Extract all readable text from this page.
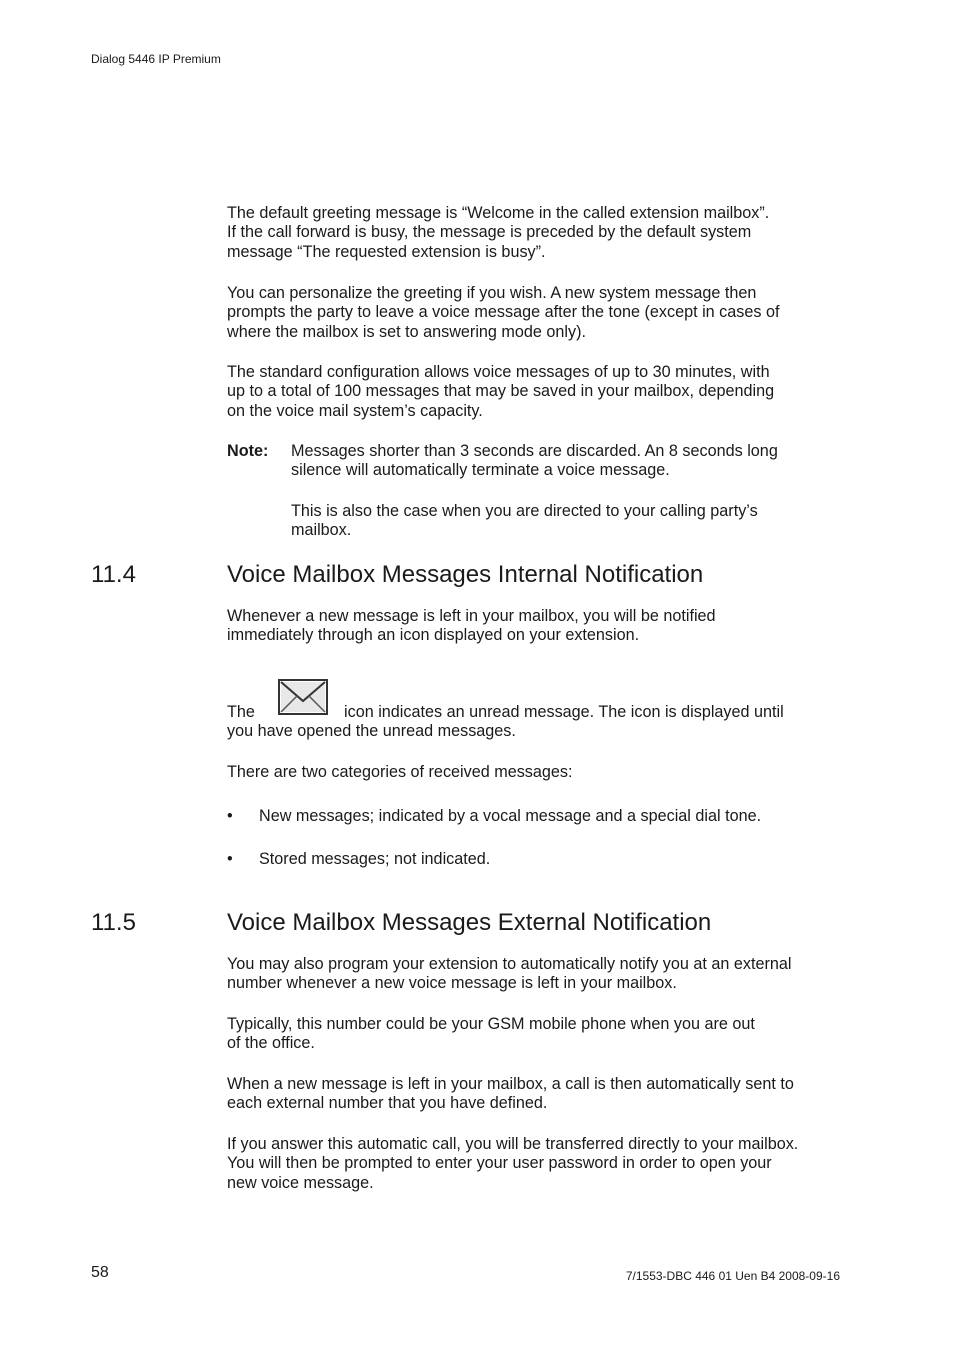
Dialog 5446 IP Premium
The default greeting message is “Welcome in the called extension mailbox”.
If the call forward is busy, the message is preceded by the default system
message “The requested extension is busy”.
You can personalize the greeting if you wish. A new system message then
prompts the party to leave a voice message after the tone (except in cases of
where the mailbox is set to answering mode only).
The standard configuration allows voice messages of up to 30 minutes, with
up to a total of 100 messages that may be saved in your mailbox, depending
on the voice mail system’s capacity.
Note: Messages shorter than 3 seconds are discarded. An 8 seconds long
silence will automatically terminate a voice message.
This is also the case when you are directed to your calling party’s
mailbox.
11.4	Voice Mailbox Messages Internal Notification
Whenever a new message is left in your mailbox, you will be notified
immediately through an icon displayed on your extension.
The	icon indicates an unread message. The icon is displayed until
you have opened the unread messages.
There are two categories of received messages:
• New messages; indicated by a vocal message and a special dial tone.
• Stored messages; not indicated.
11.5	Voice Mailbox Messages External Notification
You may also program your extension to automatically notify you at an external
number whenever a new voice message is left in your mailbox.
Typically, this number could be your GSM mobile phone when you are out
of the office.
When a new message is left in your mailbox, a call is then automatically sent to
each external number that you have defined.
If you answer this automatic call, you will be transferred directly to your mailbox.
You will then be prompted to enter your user password in order to open your
new voice message.
58	7/1553-DBC 446 01 Uen B4 2008-09-16
